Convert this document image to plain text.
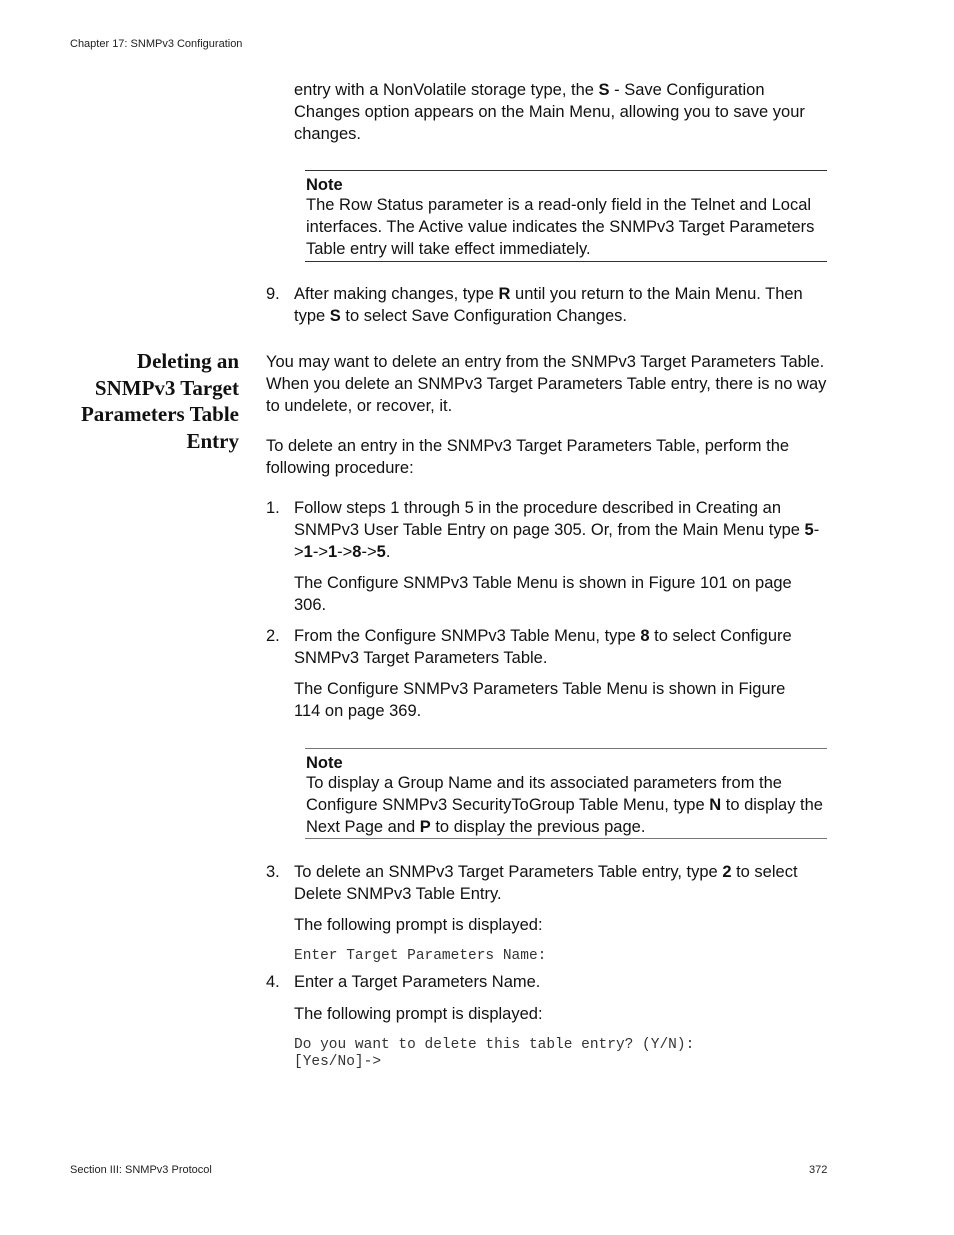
Chapter 17: SNMPv3 Configuration

entry with a NonVolatile storage type, the S - Save Configuration Changes option appears on the Main Menu, allowing you to save your changes.

Note
The Row Status parameter is a read-only field in the Telnet and Local interfaces. The Active value indicates the SNMPv3 Target Parameters Table entry will take effect immediately.
9. After making changes, type R until you return to the Main Menu. Then type S to select Save Configuration Changes.

Deleting an SNMPv3 Target Parameters Table Entry

You may want to delete an entry from the SNMPv3 Target Parameters Table. When you delete an SNMPv3 Target Parameters Table entry, there is no way to undelete, or recover, it.

To delete an entry in the SNMPv3 Target Parameters Table, perform the following procedure:

1. Follow steps 1 through 5 in the procedure described in Creating an SNMPv3 User Table Entry on page 305. Or, from the Main Menu type 5->1->1->8->5.

The Configure SNMPv3 Table Menu is shown in Figure 101 on page 306.

2. From the Configure SNMPv3 Table Menu, type 8 to select Configure SNMPv3 Target Parameters Table.

The Configure SNMPv3 Parameters Table Menu is shown in Figure 114 on page 369.

Note
To display a Group Name and its associated parameters from the Configure SNMPv3 SecurityToGroup Table Menu, type N to display the Next Page and P to display the previous page.
3. To delete an SNMPv3 Target Parameters Table entry, type 2 to select Delete SNMPv3 Table Entry.

The following prompt is displayed:

Enter Target Parameters Name:
4. Enter a Target Parameters Name.

The following prompt is displayed:

Do you want to delete this table entry? (Y/N):
[Yes/No]->
Section III: SNMPv3 Protocol	372
